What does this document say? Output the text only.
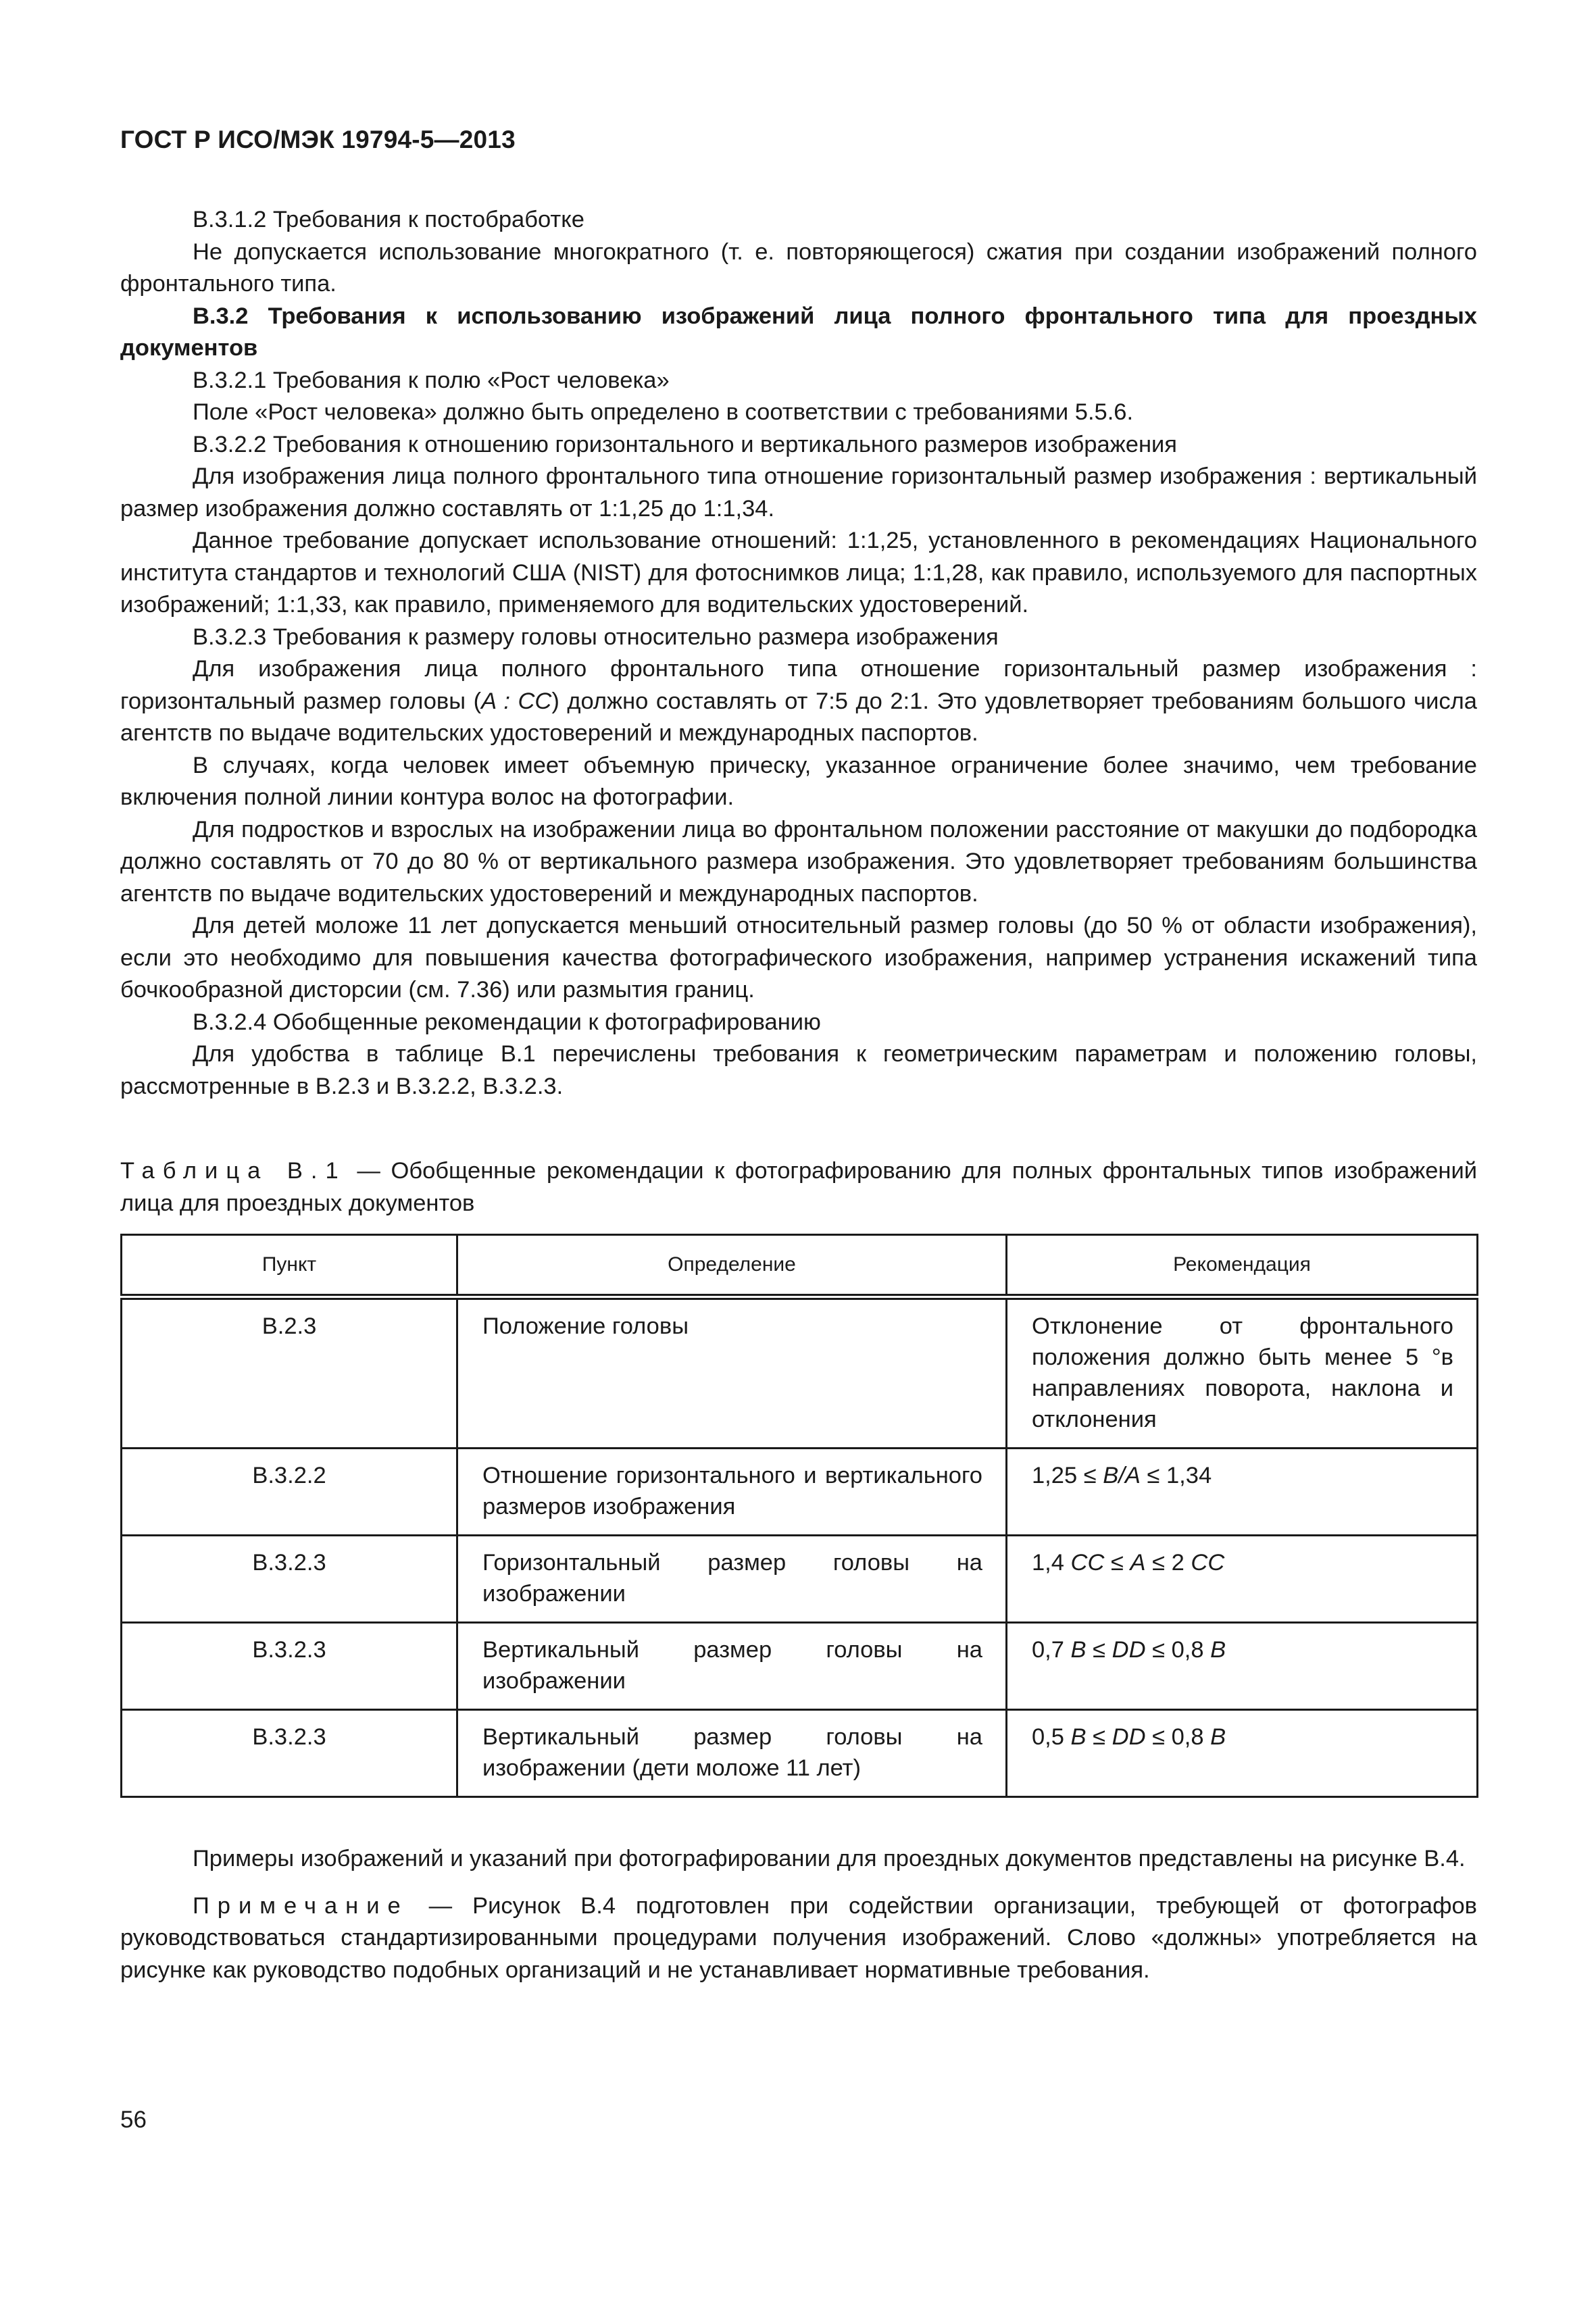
ГОСТ Р ИСО/МЭК 19794-5—2013

В.3.1.2 Требования к постобработке

Не допускается использование многократного (т. е. повторяющегося) сжатия при создании изображений полного фронтального типа.

В.3.2 Требования к использованию изображений лица полного фронтального типа для проездных документов

В.3.2.1 Требования к полю «Рост человека»

Поле «Рост человека» должно быть определено в соответствии с требованиями 5.5.6.

В.3.2.2 Требования к отношению горизонтального и вертикального размеров изображения

Для изображения лица полного фронтального типа отношение горизонтальный размер изображения : вертикальный размер изображения должно составлять от 1:1,25 до 1:1,34.

Данное требование допускает использование отношений: 1:1,25, установленного в рекомендациях Национального института стандартов и технологий США (NIST) для фотоснимков лица; 1:1,28, как правило, используемого для паспортных изображений; 1:1,33, как правило, применяемого для водительских удостоверений.

В.3.2.3 Требования к размеру головы относительно размера изображения

Для изображения лица полного фронтального типа отношение горизонтальный размер изображения : горизонтальный размер головы (A : CC) должно составлять от 7:5 до 2:1. Это удовлетворяет требованиям большого числа агентств по выдаче водительских удостоверений и международных паспортов.

В случаях, когда человек имеет объемную прическу, указанное ограничение более значимо, чем требование включения полной линии контура волос на фотографии.

Для подростков и взрослых на изображении лица во фронтальном положении расстояние от макушки до подбородка должно составлять от 70 до 80 % от вертикального размера изображения. Это удовлетворяет требованиям большинства агентств по выдаче водительских удостоверений и международных паспортов.

Для детей моложе 11 лет допускается меньший относительный размер головы (до 50 % от области изображения), если это необходимо для повышения качества фотографического изображения, например устранения искажений типа бочкообразной дисторсии (см. 7.36) или размытия границ.

В.3.2.4 Обобщенные рекомендации к фотографированию

Для удобства в таблице В.1 перечислены требования к геометрическим параметрам и положению головы, рассмотренные в В.2.3 и В.3.2.2, В.3.2.3.

Таблица В.1 — Обобщенные рекомендации к фотографированию для полных фронтальных типов изображений лица для проездных документов
Пункт	Определение	Рекомендация
В.2.3	Положение головы	Отклонение от фронтального положения должно быть менее 5 °в направлениях поворота, наклона и отклонения
В.3.2.2	Отношение горизонтального и вертикального размеров изображения	1,25 ≤ B/A ≤ 1,34
В.3.2.3	Горизонтальный размер головы на изображении	1,4 CC ≤ A ≤ 2 CC
В.3.2.3	Вертикальный размер головы на изображении	0,7 B ≤ DD ≤ 0,8 B
В.3.2.3	Вертикальный размер головы на изображении (дети моложе 11 лет)	0,5 B ≤ DD ≤ 0,8 B

Примеры изображений и указаний при фотографировании для проездных документов представлены на рисунке В.4.

Примечание — Рисунок В.4 подготовлен при содействии организации, требующей от фотографов руководствоваться стандартизированными процедурами получения изображений. Слово «должны» употребляется на рисунке как руководство подобных организаций и не устанавливает нормативные требования.

56
